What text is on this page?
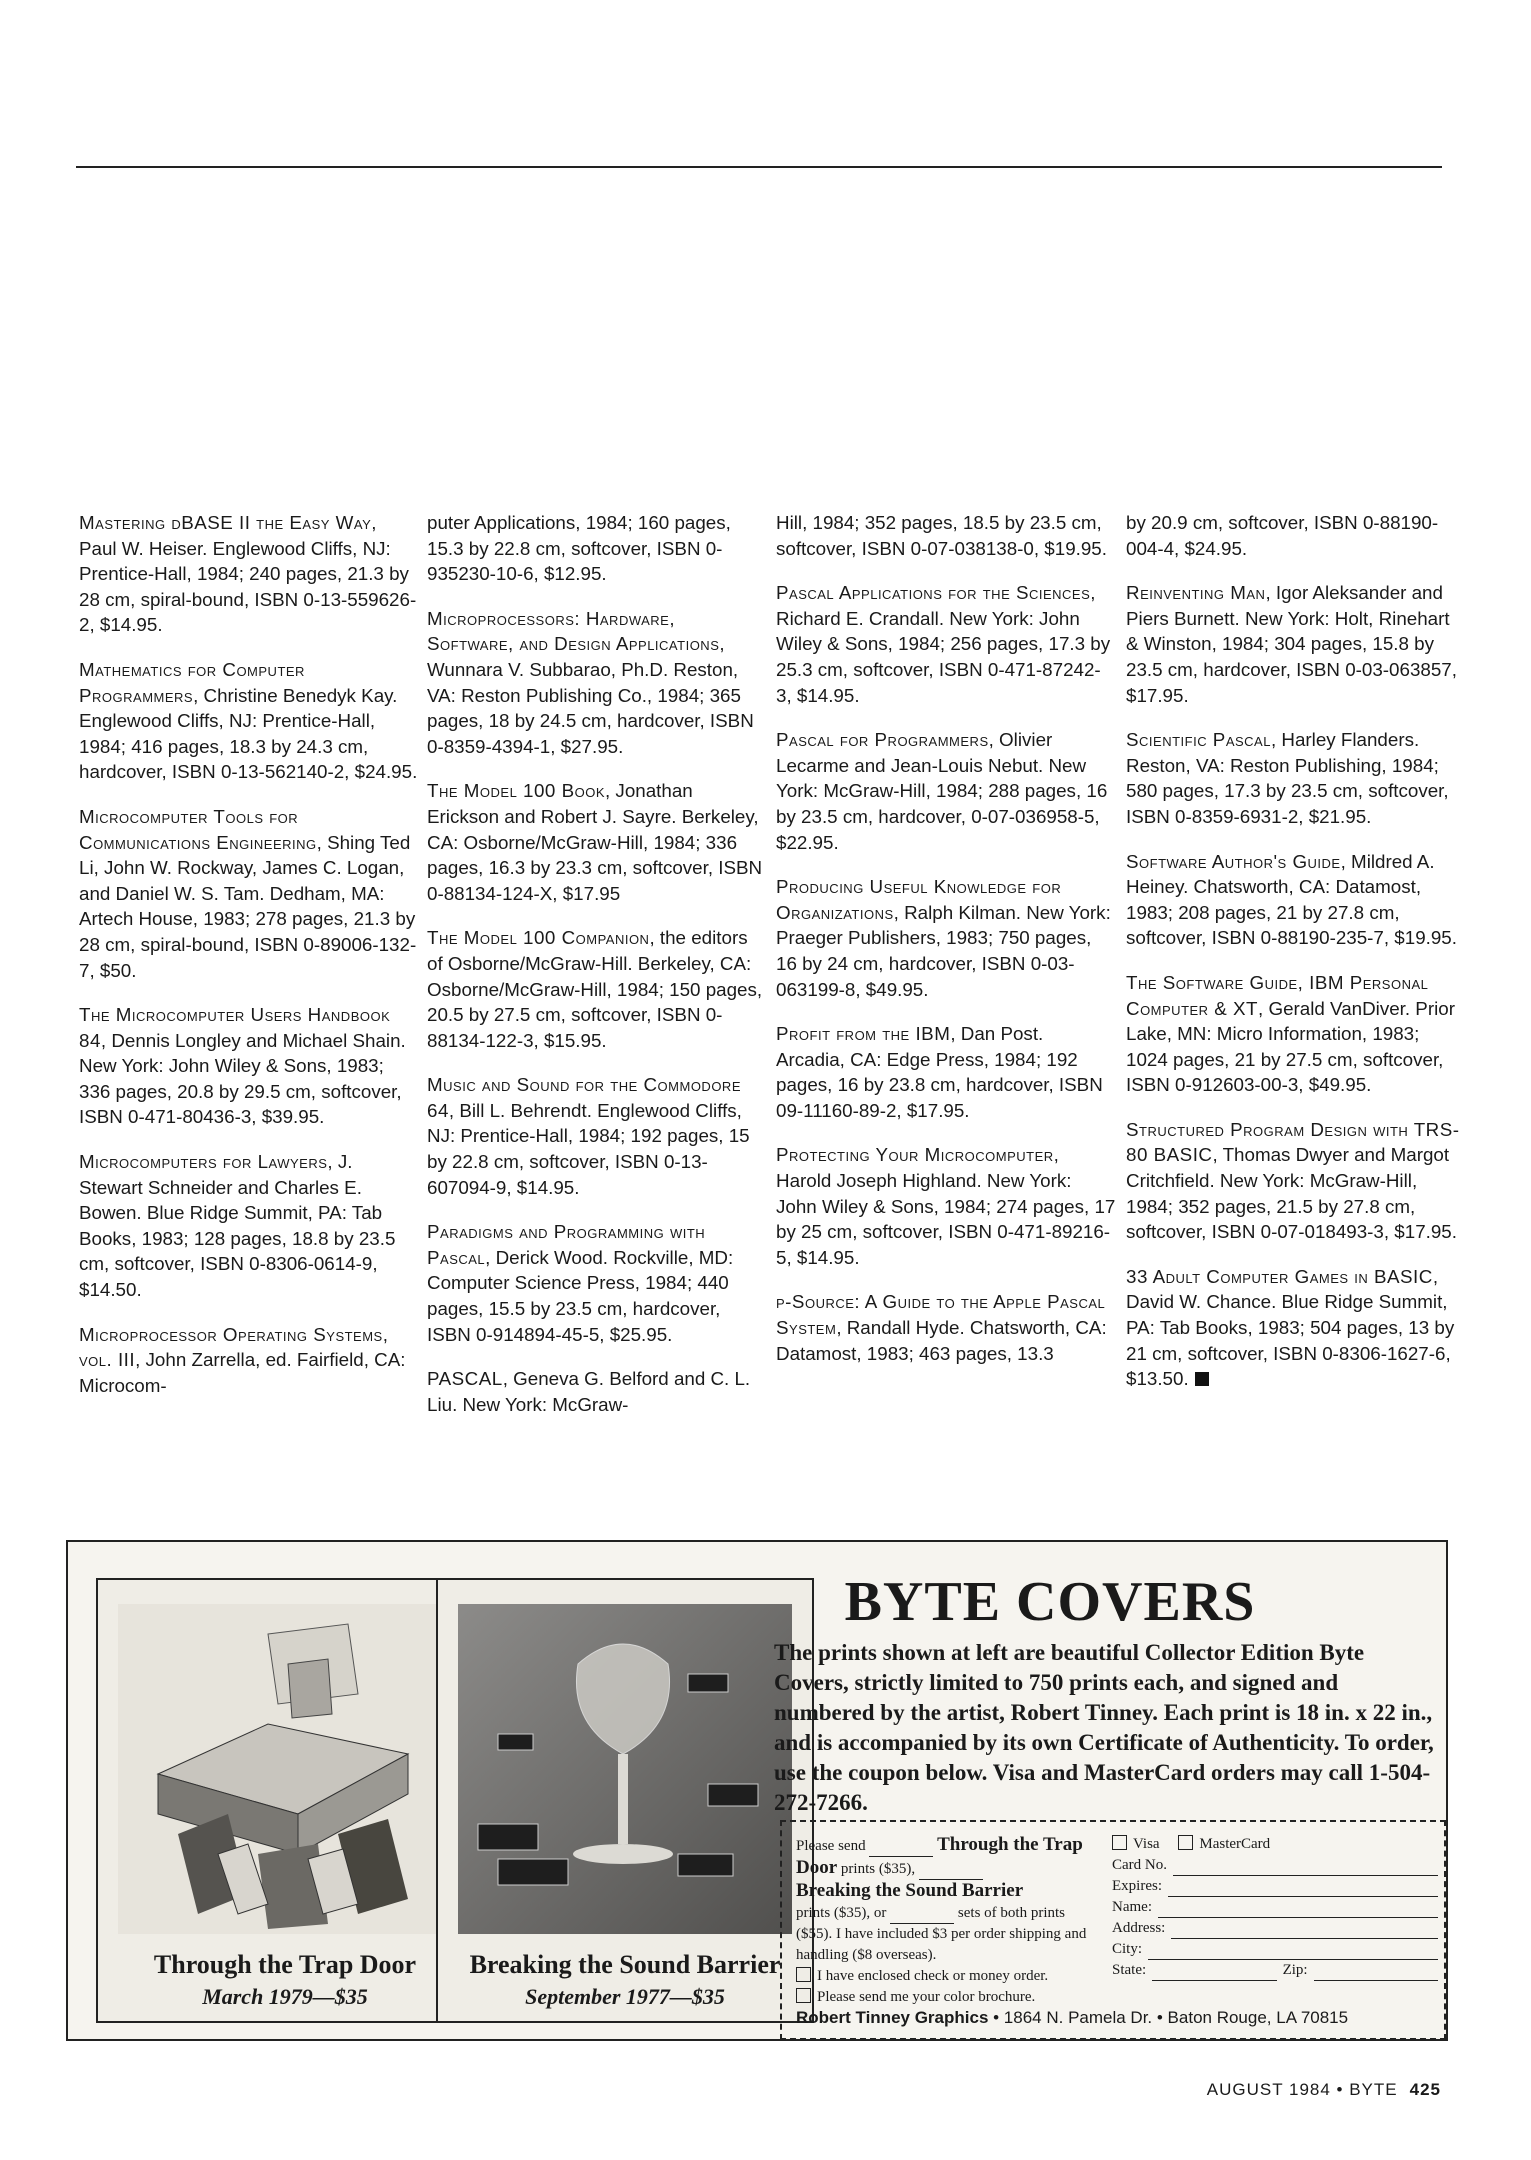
Mastering dBASE II the Easy Way, Paul W. Heiser. Englewood Cliffs, NJ: Prentice-Hall, 1984; 240 pages, 21.3 by 28 cm, spiral-bound, ISBN 0-13-559626-2, $14.95.

Mathematics for Computer Programmers, Christine Benedyk Kay. Englewood Cliffs, NJ: Prentice-Hall, 1984; 416 pages, 18.3 by 24.3 cm, hardcover, ISBN 0-13-562140-2, $24.95.

Microcomputer Tools for Communications Engineering, Shing Ted Li, John W. Rockway, James C. Logan, and Daniel W. S. Tam. Dedham, MA: Artech House, 1983; 278 pages, 21.3 by 28 cm, spiral-bound, ISBN 0-89006-132-7, $50.

The Microcomputer Users Handbook 84, Dennis Longley and Michael Shain. New York: John Wiley & Sons, 1983; 336 pages, 20.8 by 29.5 cm, softcover, ISBN 0-471-80436-3, $39.95.

Microcomputers for Lawyers, J. Stewart Schneider and Charles E. Bowen. Blue Ridge Summit, PA: Tab Books, 1983; 128 pages, 18.8 by 23.5 cm, softcover, ISBN 0-8306-0614-9, $14.50.

Microprocessor Operating Systems, vol. III, John Zarrella, ed. Fairfield, CA: Microcom-

puter Applications, 1984; 160 pages, 15.3 by 22.8 cm, softcover, ISBN 0-935230-10-6, $12.95.

Microprocessors: Hardware, Software, and Design Applications, Wunnara V. Subbarao, Ph.D. Reston, VA: Reston Publishing Co., 1984; 365 pages, 18 by 24.5 cm, hardcover, ISBN 0-8359-4394-1, $27.95.

The Model 100 Book, Jonathan Erickson and Robert J. Sayre. Berkeley, CA: Osborne/McGraw-Hill, 1984; 336 pages, 16.3 by 23.3 cm, softcover, ISBN 0-88134-124-X, $17.95

The Model 100 Companion, the editors of Osborne/McGraw-Hill. Berkeley, CA: Osborne/McGraw-Hill, 1984; 150 pages, 20.5 by 27.5 cm, softcover, ISBN 0-88134-122-3, $15.95.

Music and Sound for the Commodore 64, Bill L. Behrendt. Englewood Cliffs, NJ: Prentice-Hall, 1984; 192 pages, 15 by 22.8 cm, softcover, ISBN 0-13-607094-9, $14.95.

Paradigms and Programming with Pascal, Derick Wood. Rockville, MD: Computer Science Press, 1984; 440 pages, 15.5 by 23.5 cm, hardcover, ISBN 0-914894-45-5, $25.95.

PASCAL, Geneva G. Belford and C. L. Liu. New York: McGraw-

Hill, 1984; 352 pages, 18.5 by 23.5 cm, softcover, ISBN 0-07-038138-0, $19.95.

Pascal Applications for the Sciences, Richard E. Crandall. New York: John Wiley & Sons, 1984; 256 pages, 17.3 by 25.3 cm, softcover, ISBN 0-471-87242-3, $14.95.

Pascal for Programmers, Olivier Lecarme and Jean-Louis Nebut. New York: McGraw-Hill, 1984; 288 pages, 16 by 23.5 cm, hardcover, 0-07-036958-5, $22.95.

Producing Useful Knowledge for Organizations, Ralph Kilman. New York: Praeger Publishers, 1983; 750 pages, 16 by 24 cm, hardcover, ISBN 0-03-063199-8, $49.95.

Profit from the IBM, Dan Post. Arcadia, CA: Edge Press, 1984; 192 pages, 16 by 23.8 cm, hardcover, ISBN 09-11160-89-2, $17.95.

Protecting Your Microcomputer, Harold Joseph Highland. New York: John Wiley & Sons, 1984; 274 pages, 17 by 25 cm, softcover, ISBN 0-471-89216-5, $14.95.

p-Source: A Guide to the Apple Pascal System, Randall Hyde. Chatsworth, CA: Datamost, 1983; 463 pages, 13.3

by 20.9 cm, softcover, ISBN 0-88190-004-4, $24.95.

Reinventing Man, Igor Aleksander and Piers Burnett. New York: Holt, Rinehart & Winston, 1984; 304 pages, 15.8 by 23.5 cm, hardcover, ISBN 0-03-063857, $17.95.

Scientific Pascal, Harley Flanders. Reston, VA: Reston Publishing, 1984; 580 pages, 17.3 by 23.5 cm, softcover, ISBN 0-8359-6931-2, $21.95.

Software Author's Guide, Mildred A. Heiney. Chatsworth, CA: Datamost, 1983; 208 pages, 21 by 27.8 cm, softcover, ISBN 0-88190-235-7, $19.95.

The Software Guide, IBM Personal Computer & XT, Gerald VanDiver. Prior Lake, MN: Micro Information, 1983; 1024 pages, 21 by 27.5 cm, softcover, ISBN 0-912603-00-3, $49.95.

Structured Program Design with TRS-80 BASIC, Thomas Dwyer and Margot Critchfield. New York: McGraw-Hill, 1984; 352 pages, 21.5 by 27.8 cm, softcover, ISBN 0-07-018493-3, $17.95.

33 Adult Computer Games in BASIC, David W. Chance. Blue Ridge Summit, PA: Tab Books, 1983; 504 pages, 13 by 21 cm, softcover, ISBN 0-8306-1627-6, $13.50.

Through the Trap Door
March 1979—$35
Breaking the Sound Barrier
September 1977—$35
BYTE COVERS
The prints shown at left are beautiful Collector Edition Byte Covers, strictly limited to 750 prints each, and signed and numbered by the artist, Robert Tinney. Each print is 18 in. x 22 in., and is accompanied by its own Certificate of Authenticity. To order, use the coupon below. Visa and MasterCard orders may call 1-504-272-7266.
Please send	Through the Trap Door prints ($35),
Breaking the Sound Barrier
prints ($35), or	sets of both prints ($55). I have included $3 per order shipping and handling ($8 overseas).
I have enclosed check or money order.
Please send me your color brochure.
Visa	MasterCard
Card No.
Expires:
Name:
Address:
City:
State:	Zip:
Robert Tinney Graphics • 1864 N. Pamela Dr. • Baton Rouge, LA 70815
AUGUST 1984 • BYTE 425
